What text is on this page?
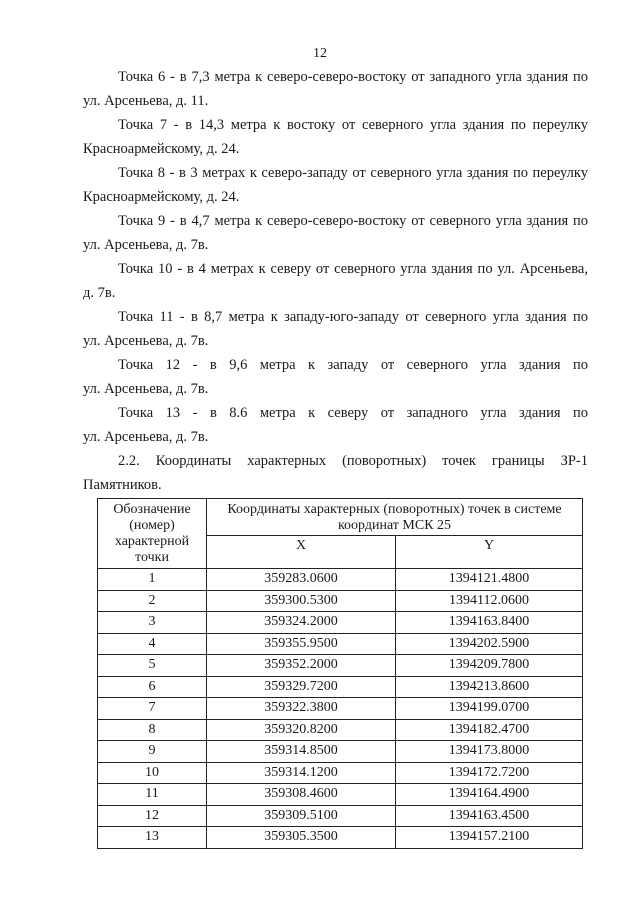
12
Точка 6 - в 7,3 метра к северо-северо-востоку от западного угла здания по
ул. Арсеньева, д. 11.
Точка 7 - в 14,3 метра к востоку от северного угла здания по переулку
Красноармейскому, д. 24.
Точка 8 - в 3 метрах к северо-западу от северного угла здания по переулку
Красноармейскому, д. 24.
Точка 9 - в 4,7 метра к северо-северо-востоку от северного угла здания по
ул. Арсеньева, д. 7в.
Точка 10 - в 4 метрах к северу от северного угла здания по ул. Арсеньева,
д. 7в.
Точка 11 - в 8,7 метра к западу-юго-западу от северного угла здания по
ул. Арсеньева, д. 7в.
Точка 12 - в 9,6 метра к западу от северного угла здания по
ул. Арсеньева, д. 7в.
Точка 13 - в 8.6 метра к северу от западного угла здания по
ул. Арсеньева, д. 7в.
2.2. Координаты характерных (поворотных) точек границы ЗР-1
Памятников.
Обозначение (номер) характерной точки	Координаты характерных (поворотных) точек в системе координат МСК 25	
	X	Y
1	359283.0600	1394121.4800
2	359300.5300	1394112.0600
3	359324.2000	1394163.8400
4	359355.9500	1394202.5900
5	359352.2000	1394209.7800
6	359329.7200	1394213.8600
7	359322.3800	1394199.0700
8	359320.8200	1394182.4700
9	359314.8500	1394173.8000
10	359314.1200	1394172.7200
11	359308.4600	1394164.4900
12	359309.5100	1394163.4500
13	359305.3500	1394157.2100
